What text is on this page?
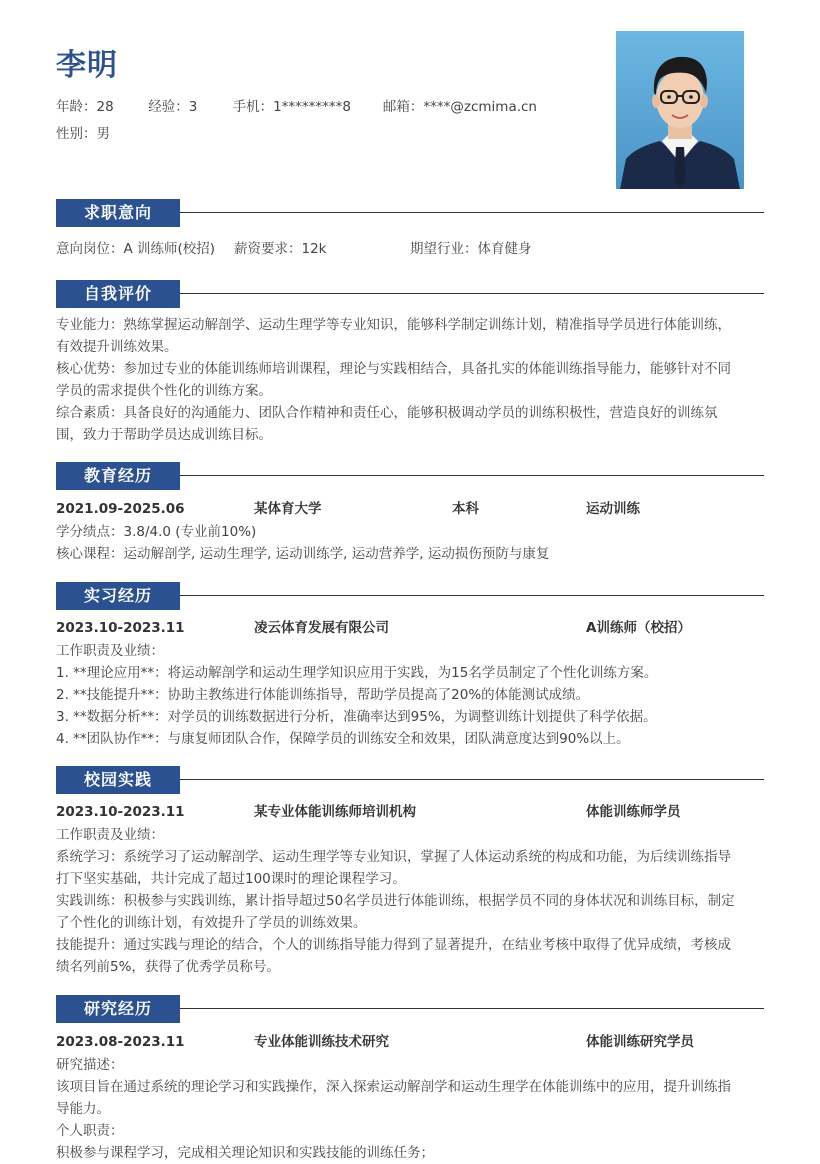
李明
年龄：28	经验：3	手机：1*********8 邮箱：****@zcmima.cn
性别：男
求职意向
意向岗位：A 训练师(校招) 薪资要求：12k	期望行业：体育健身
自我评价
专业能力：熟练掌握运动解剖学、运动生理学等专业知识，能够科学制定训练计划，精准指导学员进行体能训练，
有效提升训练效果。
核心优势：参加过专业的体能训练师培训课程，理论与实践相结合，具备扎实的体能训练指导能力，能够针对不同
学员的需求提供个性化的训练方案。
综合素质：具备良好的沟通能力、团队合作精神和责任心，能够积极调动学员的训练积极性，营造良好的训练氛
围，致力于帮助学员达成训练目标。
教育经历
2021.09-2025.06	某体育大学	本科	运动训练
学分绩点：3.8/4.0 (专业前10%)
核心课程：运动解剖学, 运动生理学, 运动训练学, 运动营养学, 运动损伤预防与康复
实习经历
2023.10-2023.11	凌云体育发展有限公司	A训练师（校招）
工作职责及业绩：
1. **理论应用**：将运动解剖学和运动生理学知识应用于实践，为15名学员制定了个性化训练方案。
2. **技能提升**：协助主教练进行体能训练指导，帮助学员提高了20%的体能测试成绩。
3. **数据分析**：对学员的训练数据进行分析，准确率达到95%，为调整训练计划提供了科学依据。
4. **团队协作**：与康复师团队合作，保障学员的训练安全和效果，团队满意度达到90%以上。
校园实践
2023.10-2023.11	某专业体能训练师培训机构	体能训练师学员
工作职责及业绩：
系统学习：系统学习了运动解剖学、运动生理学等专业知识，掌握了人体运动系统的构成和功能，为后续训练指导
打下坚实基础，共计完成了超过100课时的理论课程学习。
实践训练：积极参与实践训练，累计指导超过50名学员进行体能训练，根据学员不同的身体状况和训练目标，制定
了个性化的训练计划，有效提升了学员的训练效果。
技能提升：通过实践与理论的结合，个人的训练指导能力得到了显著提升，在结业考核中取得了优异成绩，考核成
绩名列前5%，获得了优秀学员称号。
研究经历
2023.08-2023.11	专业体能训练技术研究	体能训练研究学员
研究描述：
该项目旨在通过系统的理论学习和实践操作，深入探索运动解剖学和运动生理学在体能训练中的应用，提升训练指
导能力。
个人职责：
积极参与课程学习，完成相关理论知识和实践技能的训练任务；
